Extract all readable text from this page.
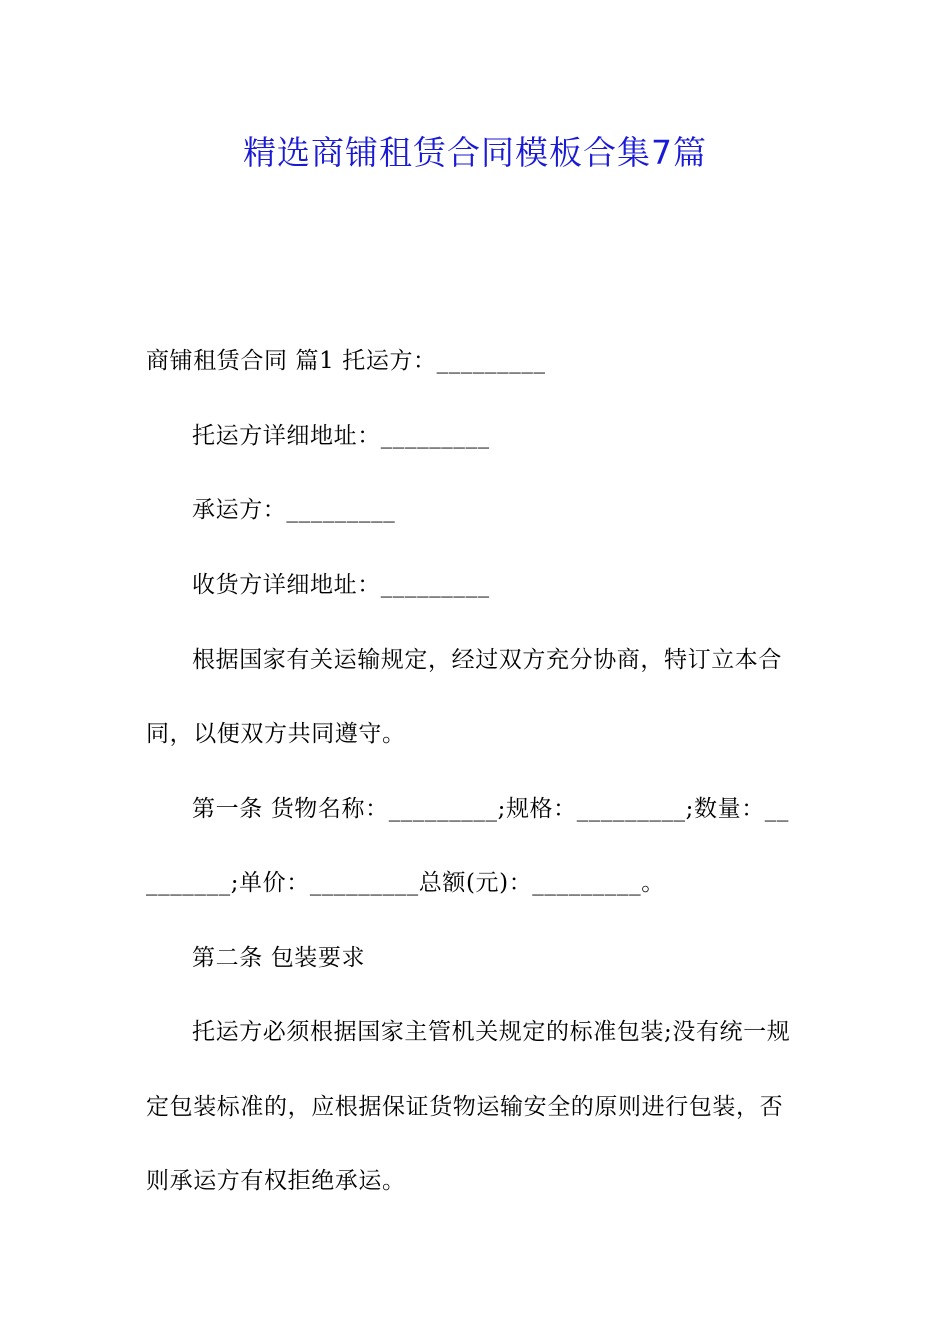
精选商铺租赁合同模板合集7篇
商铺租赁合同 篇1 托运方：_________
托运方详细地址：_________
承运方：_________
收货方详细地址：_________
根据国家有关运输规定，经过双方充分协商，特订立本合
同，以便双方共同遵守。
第一条 货物名称：_________;规格：_________;数量：__
_______;单价：_________总额(元)：_________。
第二条 包装要求
托运方必须根据国家主管机关规定的标准包装;没有统一规
定包装标准的，应根据保证货物运输安全的原则进行包装，否
则承运方有权拒绝承运。
